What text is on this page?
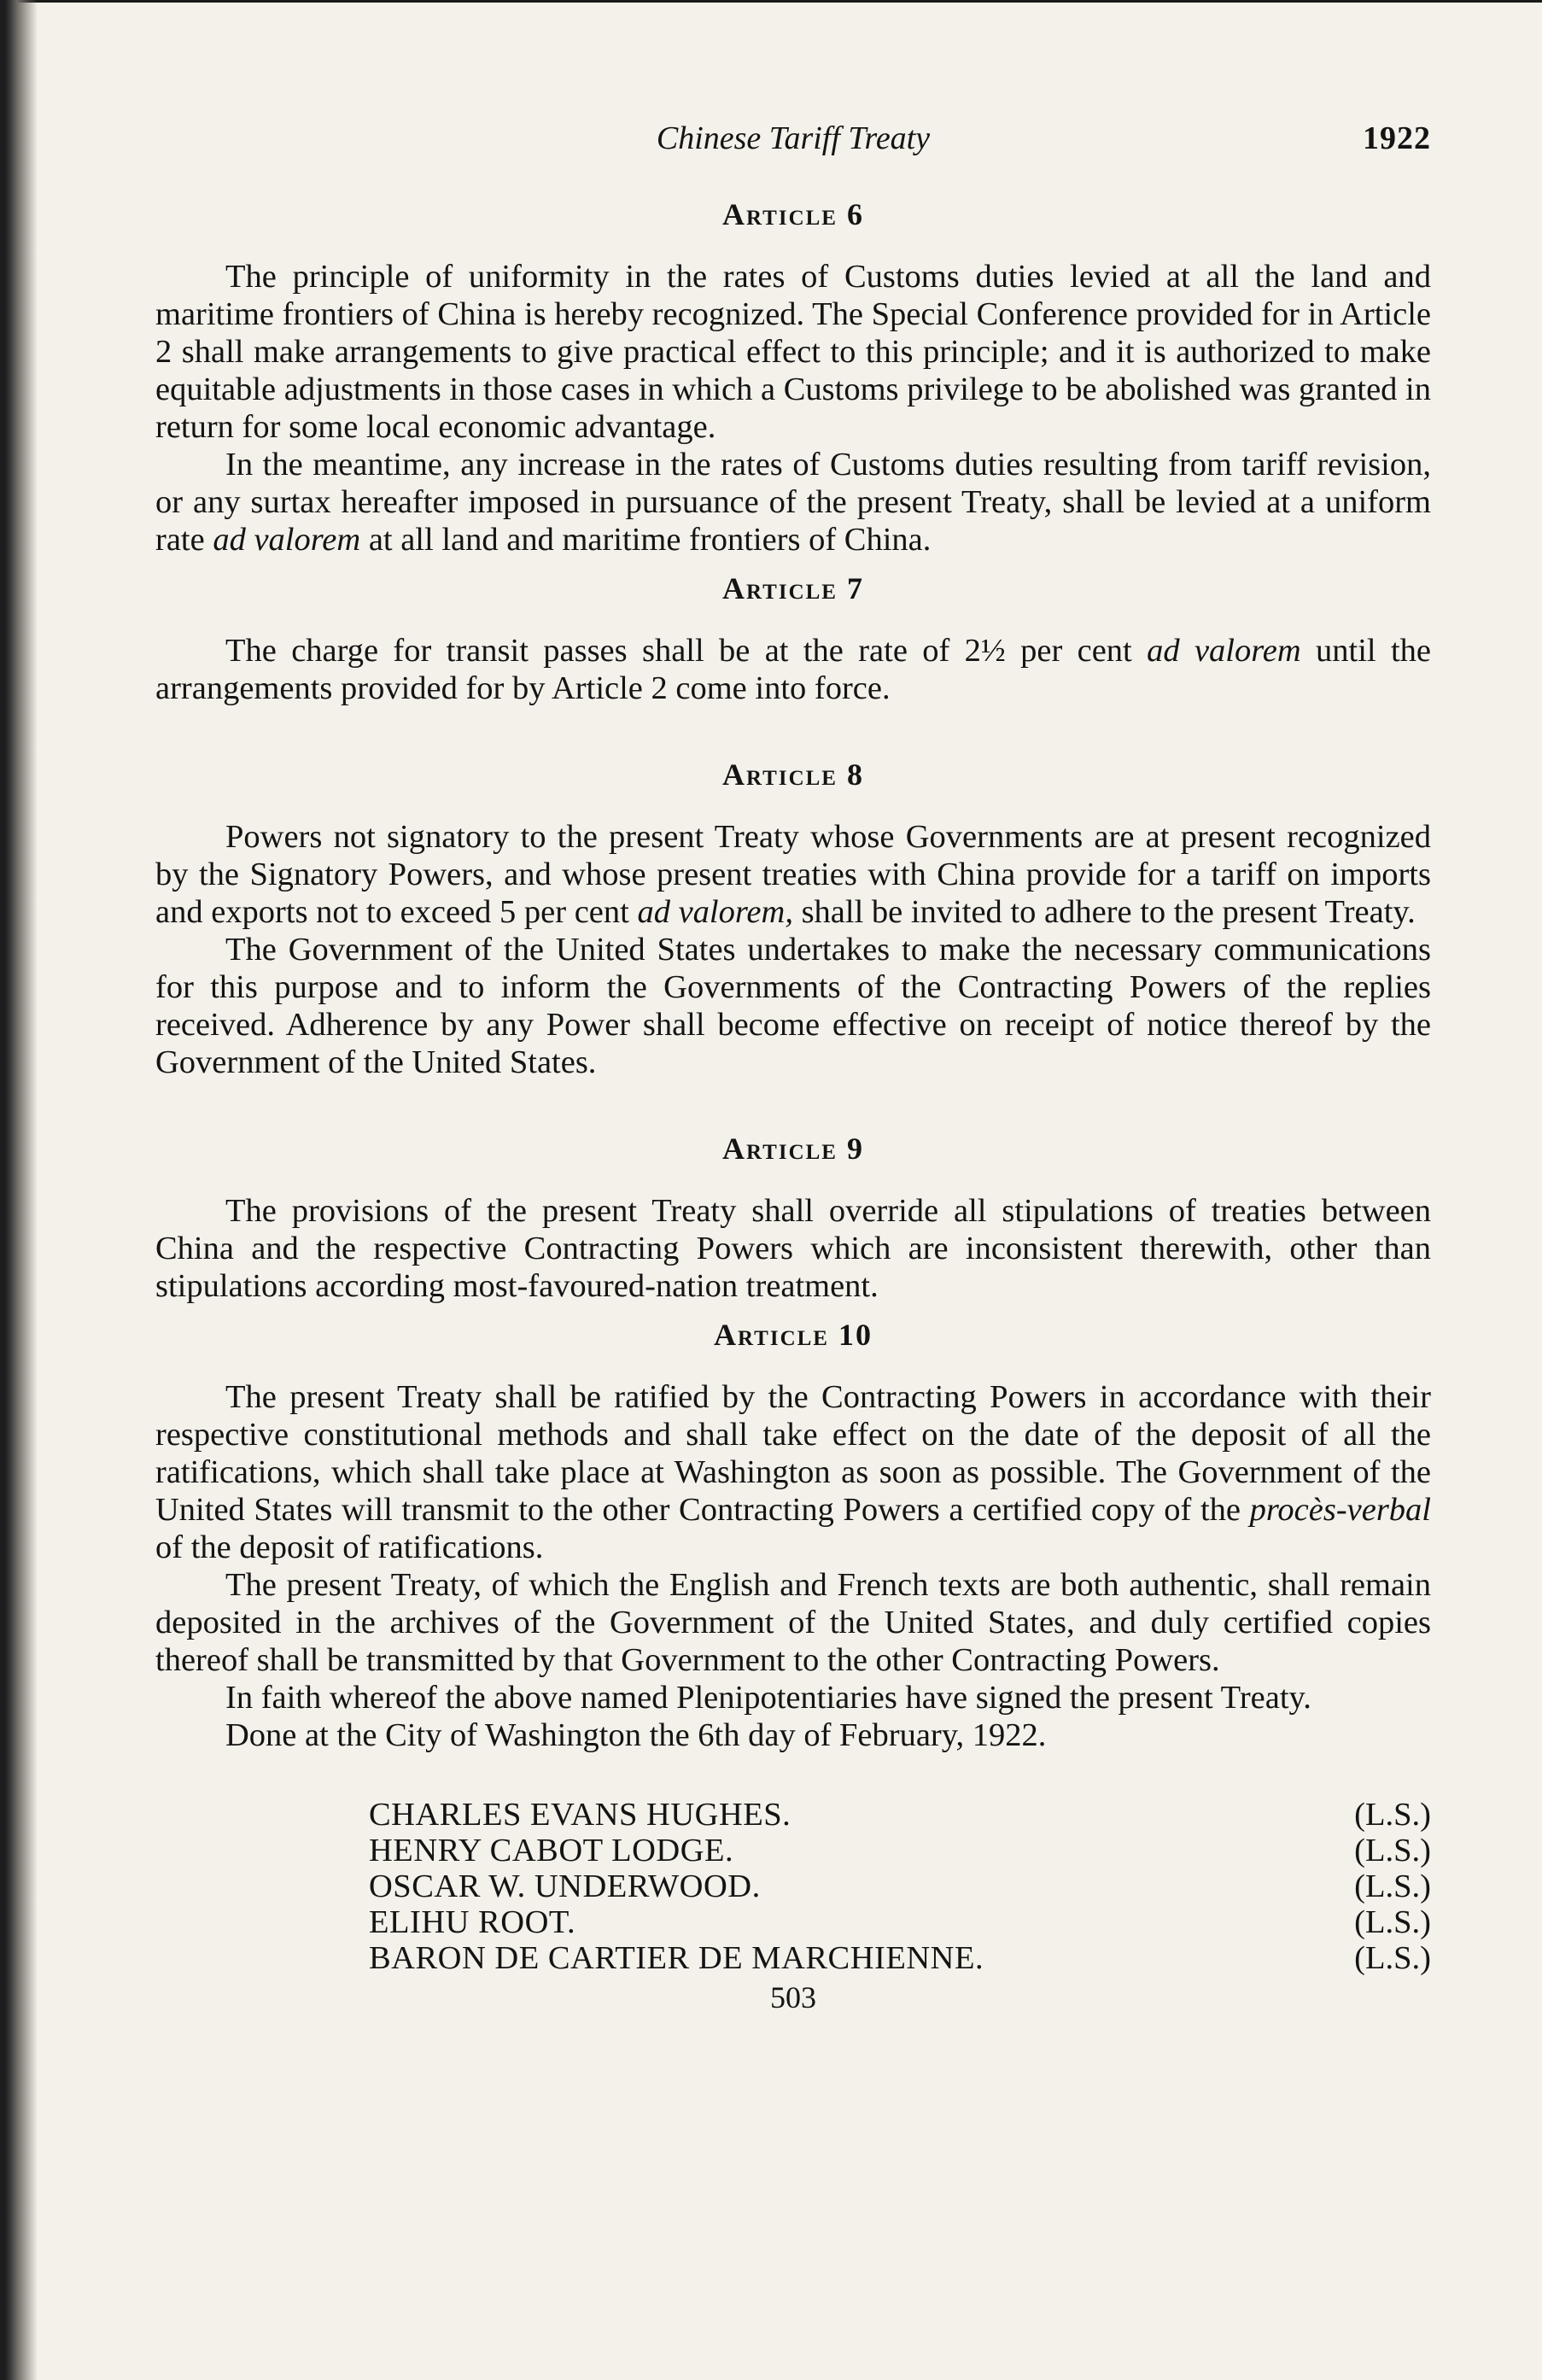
Chinese Tariff Treaty	1922
Article 6

The principle of uniformity in the rates of Customs duties levied at all the land and maritime frontiers of China is hereby recognized. The Special Conference provided for in Article 2 shall make arrangements to give practical effect to this principle; and it is authorized to make equitable adjustments in those cases in which a Customs privilege to be abolished was granted in return for some local economic advantage.

In the meantime, any increase in the rates of Customs duties resulting from tariff revision, or any surtax hereafter imposed in pursuance of the present Treaty, shall be levied at a uniform rate ad valorem at all land and maritime frontiers of China.

Article 7

The charge for transit passes shall be at the rate of 2½ per cent ad valorem until the arrangements provided for by Article 2 come into force.

Article 8

Powers not signatory to the present Treaty whose Governments are at present recognized by the Signatory Powers, and whose present treaties with China provide for a tariff on imports and exports not to exceed 5 per cent ad valorem, shall be invited to adhere to the present Treaty.

The Government of the United States undertakes to make the necessary communications for this purpose and to inform the Governments of the Contracting Powers of the replies received. Adherence by any Power shall become effective on receipt of notice thereof by the Government of the United States.

Article 9

The provisions of the present Treaty shall override all stipulations of treaties between China and the respective Contracting Powers which are inconsistent therewith, other than stipulations according most-favoured-nation treatment.

Article 10

The present Treaty shall be ratified by the Contracting Powers in accordance with their respective constitutional methods and shall take effect on the date of the deposit of all the ratifications, which shall take place at Washington as soon as possible. The Government of the United States will transmit to the other Contracting Powers a certified copy of the procès-verbal of the deposit of ratifications.

The present Treaty, of which the English and French texts are both authentic, shall remain deposited in the archives of the Government of the United States, and duly certified copies thereof shall be transmitted by that Government to the other Contracting Powers.

In faith whereof the above named Plenipotentiaries have signed the present Treaty.

Done at the City of Washington the 6th day of February, 1922.

CHARLES EVANS HUGHES.	(L.S.)
HENRY CABOT LODGE.	(L.S.)
OSCAR W. UNDERWOOD.	(L.S.)
ELIHU ROOT.	(L.S.)
BARON DE CARTIER DE MARCHIENNE.	(L.S.)
503
